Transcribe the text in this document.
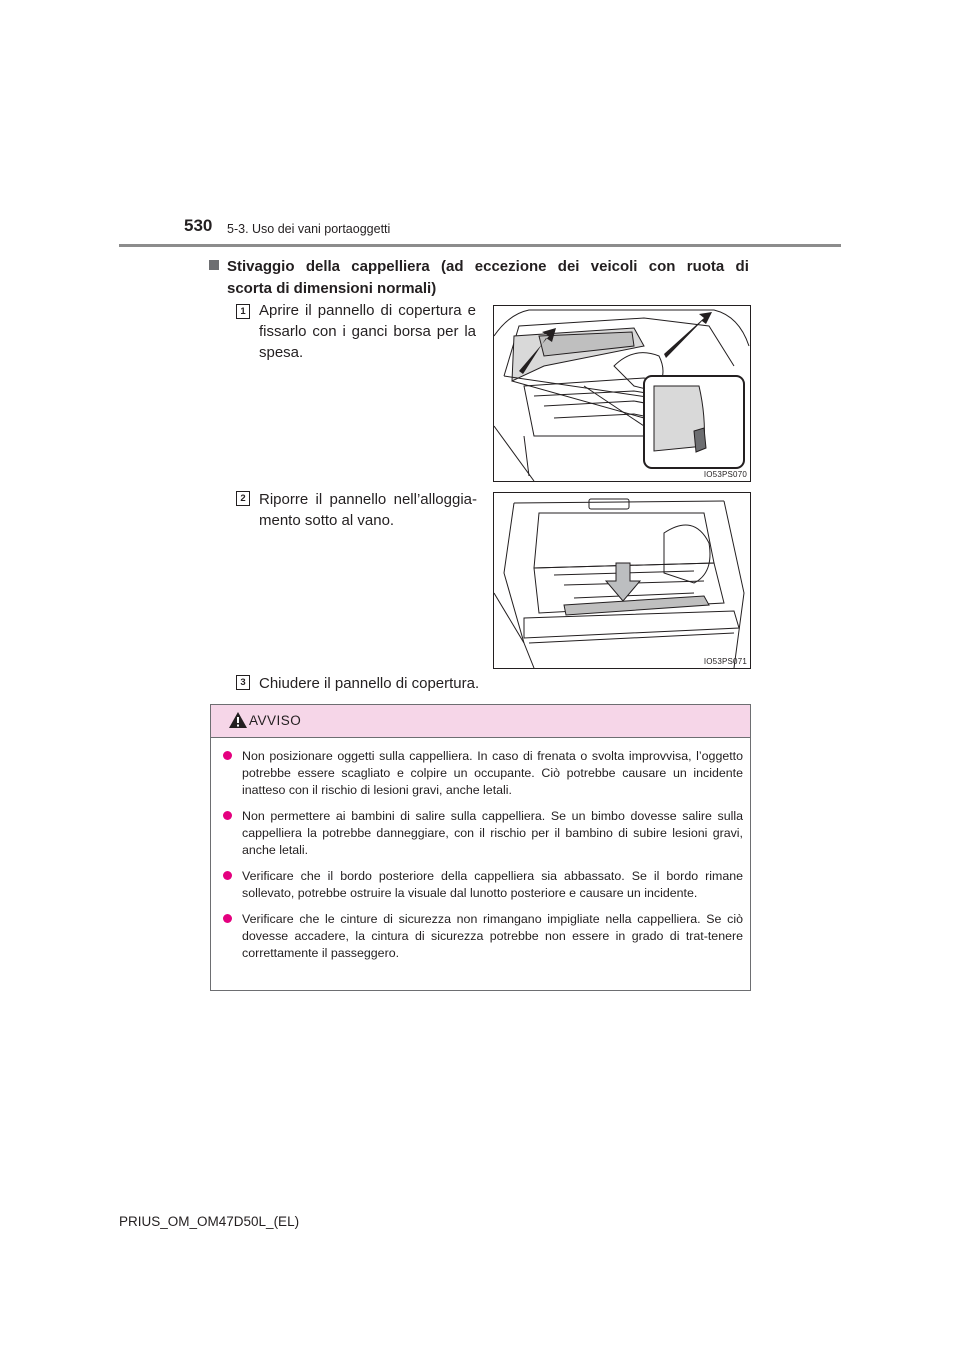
530 5-3. Uso dei vani portaoggetti
Stivaggio della cappelliera (ad eccezione dei veicoli con ruota di
scorta di dimensioni normali)
1 Aprire il pannello di copertura e
fissarlo con i ganci borsa per la
spesa.
IO53PS070
2 Riporre il pannello nell’alloggia-
mento sotto al vano.
IO53PS071
3 Chiudere il pannello di copertura.
AVVISO
Non posizionare oggetti sulla cappelliera. In caso di frenata o svolta improvvisa, l’oggetto potrebbe essere scagliato e colpire un occupante. Ciò potrebbe causare un incidente inatteso con il rischio di lesioni gravi, anche letali.
Non permettere ai bambini di salire sulla cappelliera. Se un bimbo dovesse salire sulla cappelliera la potrebbe danneggiare, con il rischio per il bambino di subire lesioni gravi, anche letali.
Verificare che il bordo posteriore della cappelliera sia abbassato. Se il bordo rimane sollevato, potrebbe ostruire la visuale dal lunotto posteriore e causare un incidente.
Verificare che le cinture di sicurezza non rimangano impigliate nella cappelliera. Se ciò dovesse accadere, la cintura di sicurezza potrebbe non essere in grado di trat-tenere correttamente il passeggero.
PRIUS_OM_OM47D50L_(EL)
